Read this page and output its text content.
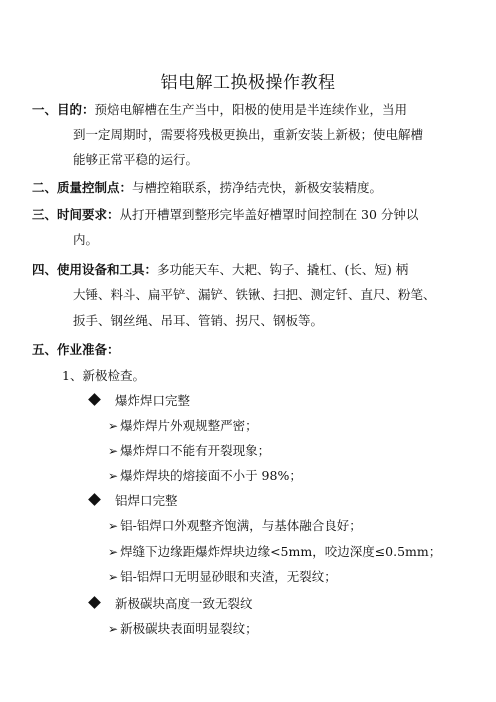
铝电解工换极操作教程
一、目的：预焙电解槽在生产当中，阳极的使用是半连续作业，当用
到一定周期时，需要将残极更换出，重新安装上新极；使电解槽
能够正常平稳的运行。
二、质量控制点：与槽控箱联系，捞净结壳快，新极安装精度。
三、时间要求：从打开槽罩到整形完毕盖好槽罩时间控制在 30 分钟以
内。
四、使用设备和工具：多功能天车、大耙、钩子、撬杠、(长、短) 柄
大锤、料斗、扁平铲、漏铲、铁锹、扫把、测定钎、直尺、粉笔、
扳手、钢丝绳、吊耳、管销、拐尺、钢板等。
五、作业准备：
1、新极检查。
爆炸焊口完整
➢ 爆炸焊片外观规整严密；
➢ 爆炸焊口不能有开裂现象；
➢ 爆炸焊块的熔接面不小于 98%；
铝焊口完整
➢ 铝-铝焊口外观整齐饱满，与基体融合良好；
➢ 焊缝下边缘距爆炸焊块边缘<5mm，咬边深度≤0.5mm；
➢ 铝-铝焊口无明显砂眼和夹渣，无裂纹；
新极碳块高度一致无裂纹
➢ 新极碳块表面明显裂纹；
